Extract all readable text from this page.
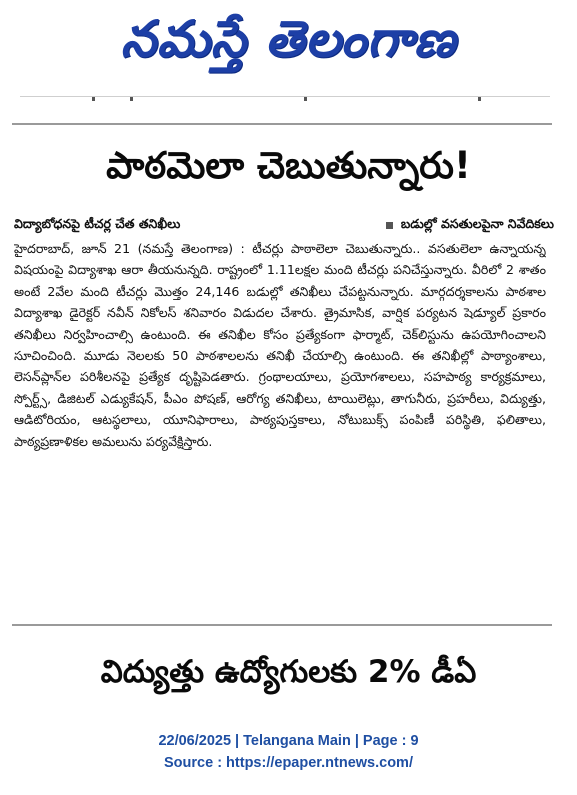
నమస్తే తెలంగాణ
పాఠమెలా చెబుతున్నారు!
విద్యాబోధనపై టీచర్ల చేత తనిఖీలు	బడుల్లో వసతులపైనా నివేదికలు
హైదరాబాద్, జూన్ 21 (నమస్తే తెలంగాణ) : టీచర్లు పాఠాలెలా చెబుతున్నారు.. వసతులెలా ఉన్నాయన్న విషయంపై విద్యాశాఖ ఆరా తీయనున్నది. రాష్ట్రంలో 1.11లక్షల మంది టీచర్లు పనిచేస్తున్నారు. వీరిలో 2 శాతం అంటే 2వేల మంది టీచర్లు మొత్తం 24,146 బడుల్లో తనిఖీలు చేపట్టనున్నారు. మార్గదర్శకాలను పాఠశాల విద్యాశాఖ డైరెక్టర్ నవీన్ నికోలస్ శనివారం విడుదల చేశారు. త్రైమాసిక, వార్షిక పర్యటన షెడ్యూల్ ప్రకారం తనిఖీలు నిర్వహించాల్సి ఉంటుంది. ఈ తనిఖీల కోసం ప్రత్యేకంగా ఫార్మాట్, చెక్‌లిస్టును ఉపయోగించాలని సూచించింది. మూడు నెలలకు 50 పాఠశాలలను తనిఖీ చేయాల్సి ఉంటుంది. ఈ తనిఖీల్లో పాఠ్యాంశాలు, లెసన్‌ప్లాన్‌ల పరిశీలనపై ప్రత్యేక దృష్టిపెడతారు. గ్రంథాలయాలు, ప్రయోగశాలలు, సహపాఠ్య కార్యక్రమాలు, స్పోర్ట్స్, డిజిటల్ ఎడ్యుకేషన్, పీఎం పోషణ్, ఆరోగ్య తనిఖీలు, టాయిలెట్లు, తాగునీరు, ప్రహరీలు, విద్యుత్తు, ఆడిటోరియం, ఆటస్థలాలు, యూనిఫారాలు, పాఠ్యపుస్తకాలు, నోటుబుక్స్ పంపిణీ పరిస్థితి, ఫలితాలు, పాఠ్యప్రణాళికల అమలును పర్యవేక్షిస్తారు.
విద్యుత్తు ఉద్యోగులకు 2% డీఏ
22/06/2025 | Telangana Main | Page : 9
Source : https://epaper.ntnews.com/
